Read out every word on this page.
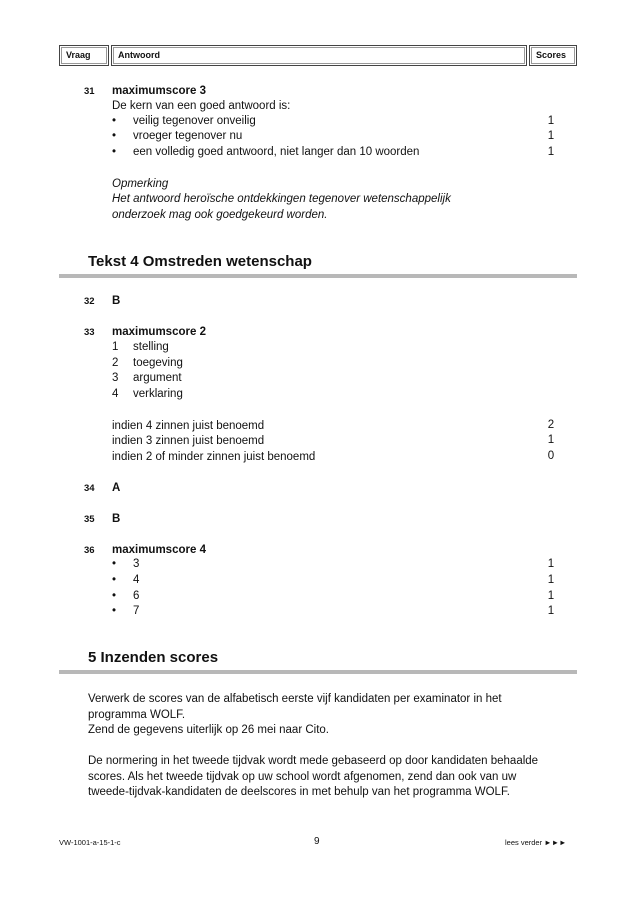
Vraag	Antwoord	Scores
31 maximumscore 3
De kern van een goed antwoord is:
• veilig tegenover onveilig	1
• vroeger tegenover nu	1
• een volledig goed antwoord, niet langer dan 10 woorden	1
Opmerking
Het antwoord heroïsche ontdekkingen tegenover wetenschappelijk
onderzoek mag ook goedgekeurd worden.
Tekst 4 Omstreden wetenschap
32 B
33 maximumscore 2
1 stelling
2 toegeving
3 argument
4 verklaring
indien 4 zinnen juist benoemd	2
indien 3 zinnen juist benoemd	1
indien 2 of minder zinnen juist benoemd	0
34 A
35 B
36 maximumscore 4
• 3	1
• 4	1
• 6	1
• 7	1
5 Inzenden scores
Verwerk de scores van de alfabetisch eerste vijf kandidaten per examinator in het
programma WOLF.
Zend de gegevens uiterlijk op 26 mei naar Cito.
De normering in het tweede tijdvak wordt mede gebaseerd op door kandidaten behaalde
scores. Als het tweede tijdvak op uw school wordt afgenomen, zend dan ook van uw
tweede-tijdvak-kandidaten de deelscores in met behulp van het programma WOLF.
VW-1001-a-15-1-c	9	lees verder ►►►
